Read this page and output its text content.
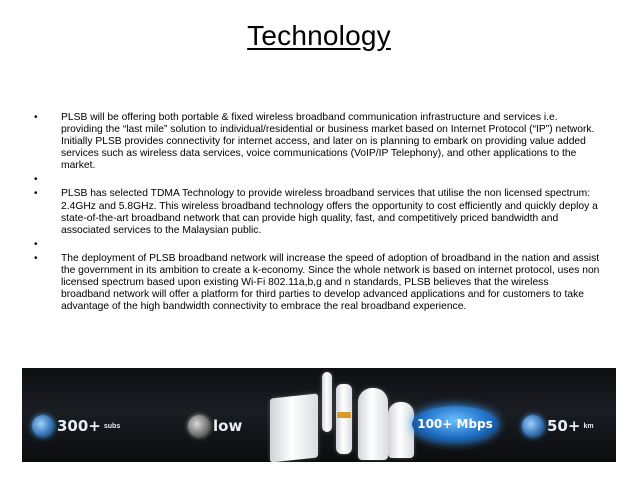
Technology
•	PLSB will be offering both portable & fixed wireless broadband communication infrastructure and services i.e. providing the “last mile” solution to individual/residential or business market based on Internet Protocol (“IP”) network. Initially PLSB provides connectivity for internet access, and later on is planning to embark on providing value added services such as wireless data services, voice communications (VoIP/IP Telephony), and other applications to the market.
•
•	PLSB has selected TDMA Technology to provide wireless broadband services that utilise the non licensed spectrum: 2.4GHz and 5.8GHz. This wireless broadband technology offers the opportunity to cost efficiently and quickly deploy a state-of-the-art broadband network that can provide high quality, fast, and competitively priced bandwidth and associated services to the Malaysian public.
•
•	The deployment of PLSB broadband network will increase the speed of adoption of broadband in the nation and assist the government in its ambition to create a k-economy. Since the whole network is based on internet protocol, uses non licensed spectrum based upon existing Wi-Fi 802.11a,b,g and n standards, PLSB believes that the wireless broadband network will offer a platform for third parties to develop advanced applications and for customers to take advantage of the high bandwidth connectivity to embrace the real broadband experience.
300+ subs	low	100+ Mbps	50+ km
